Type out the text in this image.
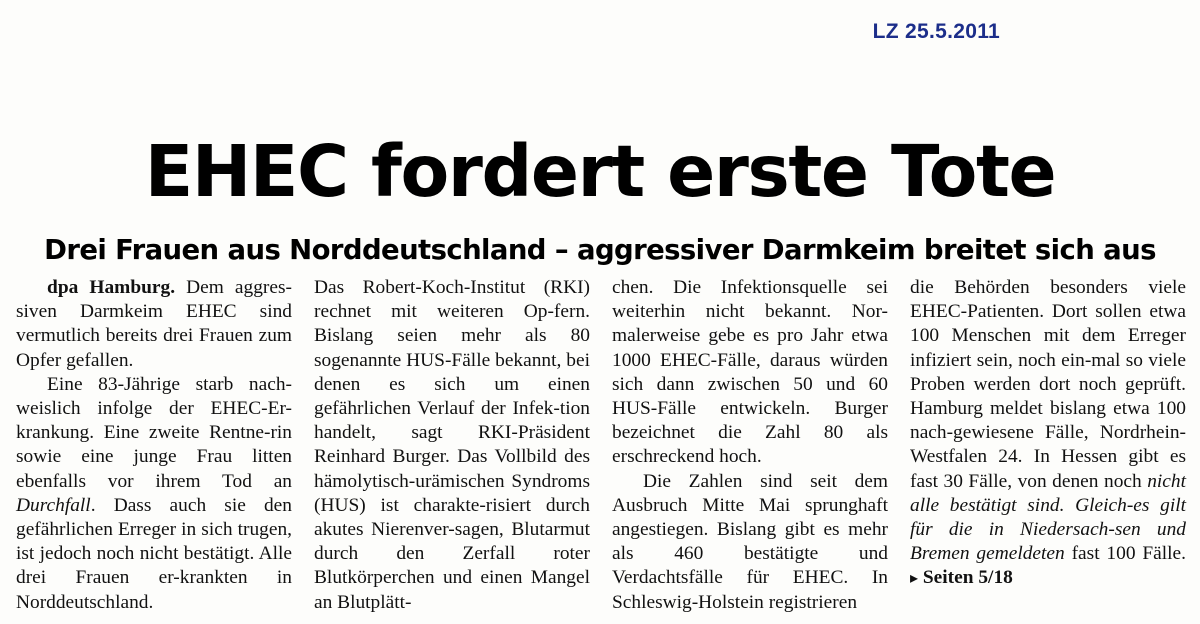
LZ 25.5.2011
EHEC fordert erste Tote
Drei Frauen aus Norddeutschland – aggressiver Darmkeim breitet sich aus

dpa Hamburg. Dem aggres-siven Darmkeim EHEC sind vermutlich bereits drei Frauen zum Opfer gefallen.

Eine 83-Jährige starb nach-weislich infolge der EHEC-Er-krankung. Eine zweite Rentne-rin sowie eine junge Frau litten ebenfalls vor ihrem Tod an Durchfall. Dass auch sie den gefährlichen Erreger in sich trugen, ist jedoch noch nicht bestätigt. Alle drei Frauen er-krankten in Norddeutschland.

Das Robert-Koch-Institut (RKI) rechnet mit weiteren Op-fern. Bislang seien mehr als 80 sogenannte HUS-Fälle bekannt, bei denen es sich um einen gefährlichen Verlauf der Infek-tion handelt, sagt RKI-Präsident Reinhard Burger. Das Vollbild des hämolytisch-urämischen Syndroms (HUS) ist charakte-risiert durch akutes Nierenver-sagen, Blutarmut durch den Zerfall roter Blutkörperchen und einen Mangel an Blutplätt-

chen. Die Infektionsquelle sei weiterhin nicht bekannt. Nor-malerweise gebe es pro Jahr etwa 1000 EHEC-Fälle, daraus würden sich dann zwischen 50 und 60 HUS-Fälle entwickeln. Burger bezeichnet die Zahl 80 als erschreckend hoch.

Die Zahlen sind seit dem Ausbruch Mitte Mai sprunghaft angestiegen. Bislang gibt es mehr als 460 bestätigte und Verdachtsfälle für EHEC. In Schleswig-Holstein registrieren

die Behörden besonders viele EHEC-Patienten. Dort sollen etwa 100 Menschen mit dem Erreger infiziert sein, noch ein-mal so viele Proben werden dort noch geprüft. Hamburg meldet bislang etwa 100 nach-gewiesene Fälle, Nordrhein-Westfalen 24. In Hessen gibt es fast 30 Fälle, von denen noch nicht alle bestätigt sind. Gleich-es gilt für die in Niedersach-sen und Bremen gemeldeten fast 100 Fälle. ▸ Seiten 5/18
